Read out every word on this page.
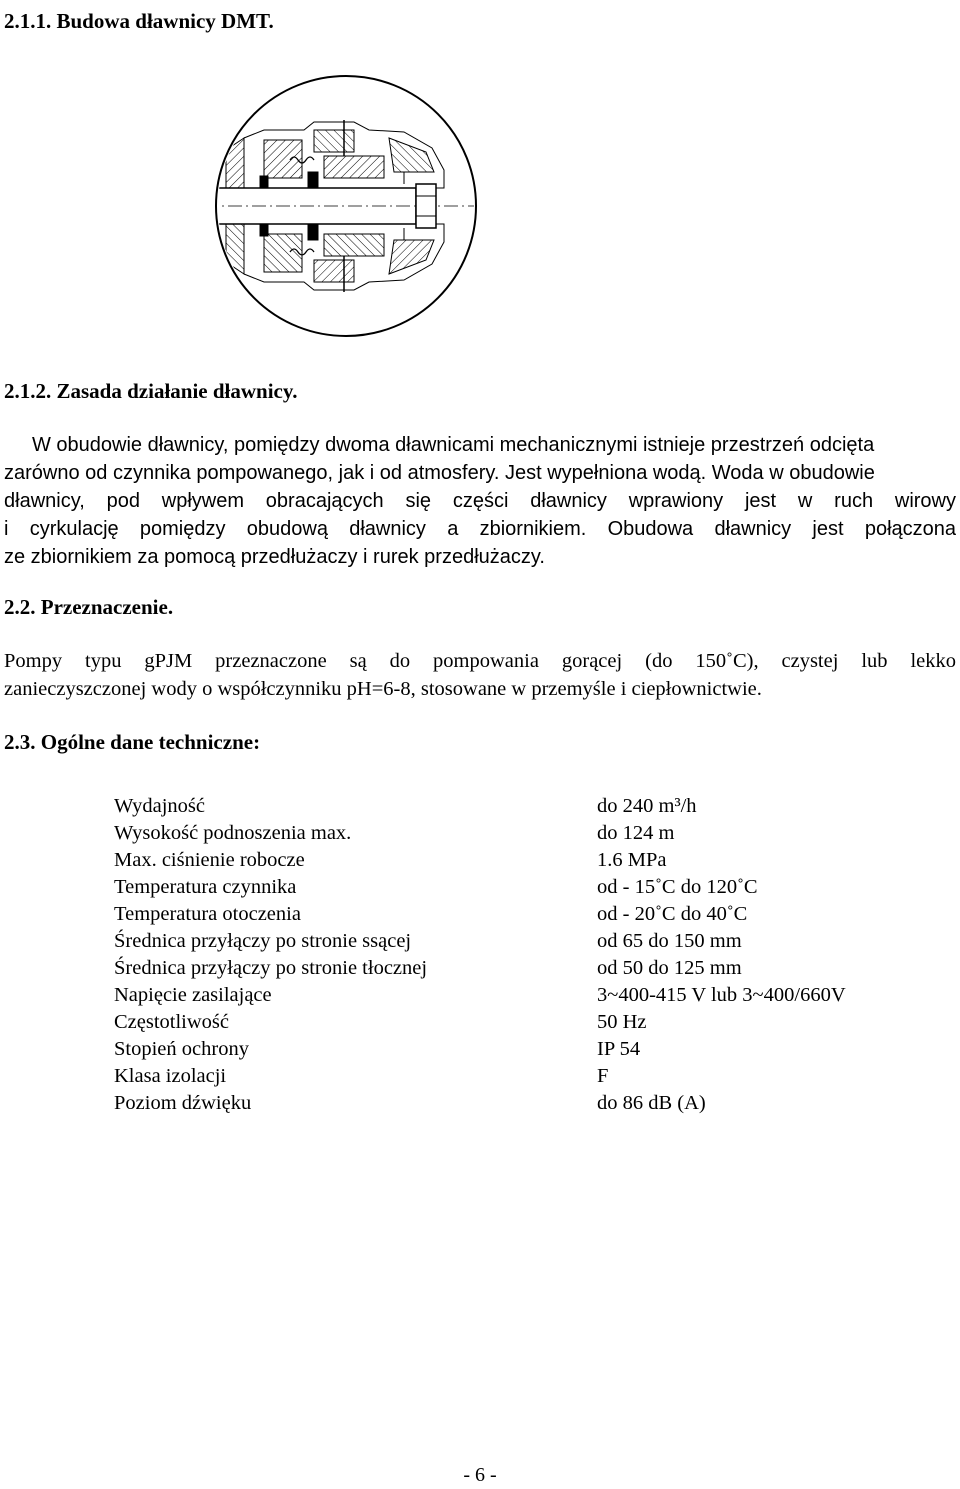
2.1.1. Budowa dławnicy DMT.
2.1.2. Zasada działanie dławnicy.
W obudowie dławnicy, pomiędzy dwoma dławnicami mechanicznymi istnieje przestrzeń odcięta
zarówno od czynnika pompowanego, jak i od atmosfery. Jest wypełniona wodą. Woda w obudowie
dławnicy, pod wpływem obracających się części dławnicy wprawiony jest w ruch wirowy
i cyrkulację pomiędzy obudową dławnicy a zbiornikiem. Obudowa dławnicy jest połączona
ze zbiornikiem za pomocą przedłużaczy i rurek przedłużaczy.
2.2. Przeznaczenie.
Pompy typu gPJM przeznaczone są do pompowania gorącej (do 150˚C), czystej lub lekko
zanieczyszczonej wody o współczynniku pH=6-8, stosowane w przemyśle i ciepłownictwie.
2.3. Ogólne dane techniczne:
Wydajność	do 240 m³/h
Wysokość podnoszenia max.	do 124 m
Max. ciśnienie robocze	1.6 MPa
Temperatura czynnika	od - 15˚C do 120˚C
Temperatura otoczenia	od - 20˚C do 40˚C
Średnica przyłączy po stronie ssącej	od 65 do 150 mm
Średnica przyłączy po stronie tłocznej	od 50 do 125 mm
Napięcie zasilające	3~400-415 V lub 3~400/660V
Częstotliwość	50 Hz
Stopień ochrony	IP 54
Klasa izolacji	F
Poziom dźwięku	do 86 dB (A)
- 6 -
